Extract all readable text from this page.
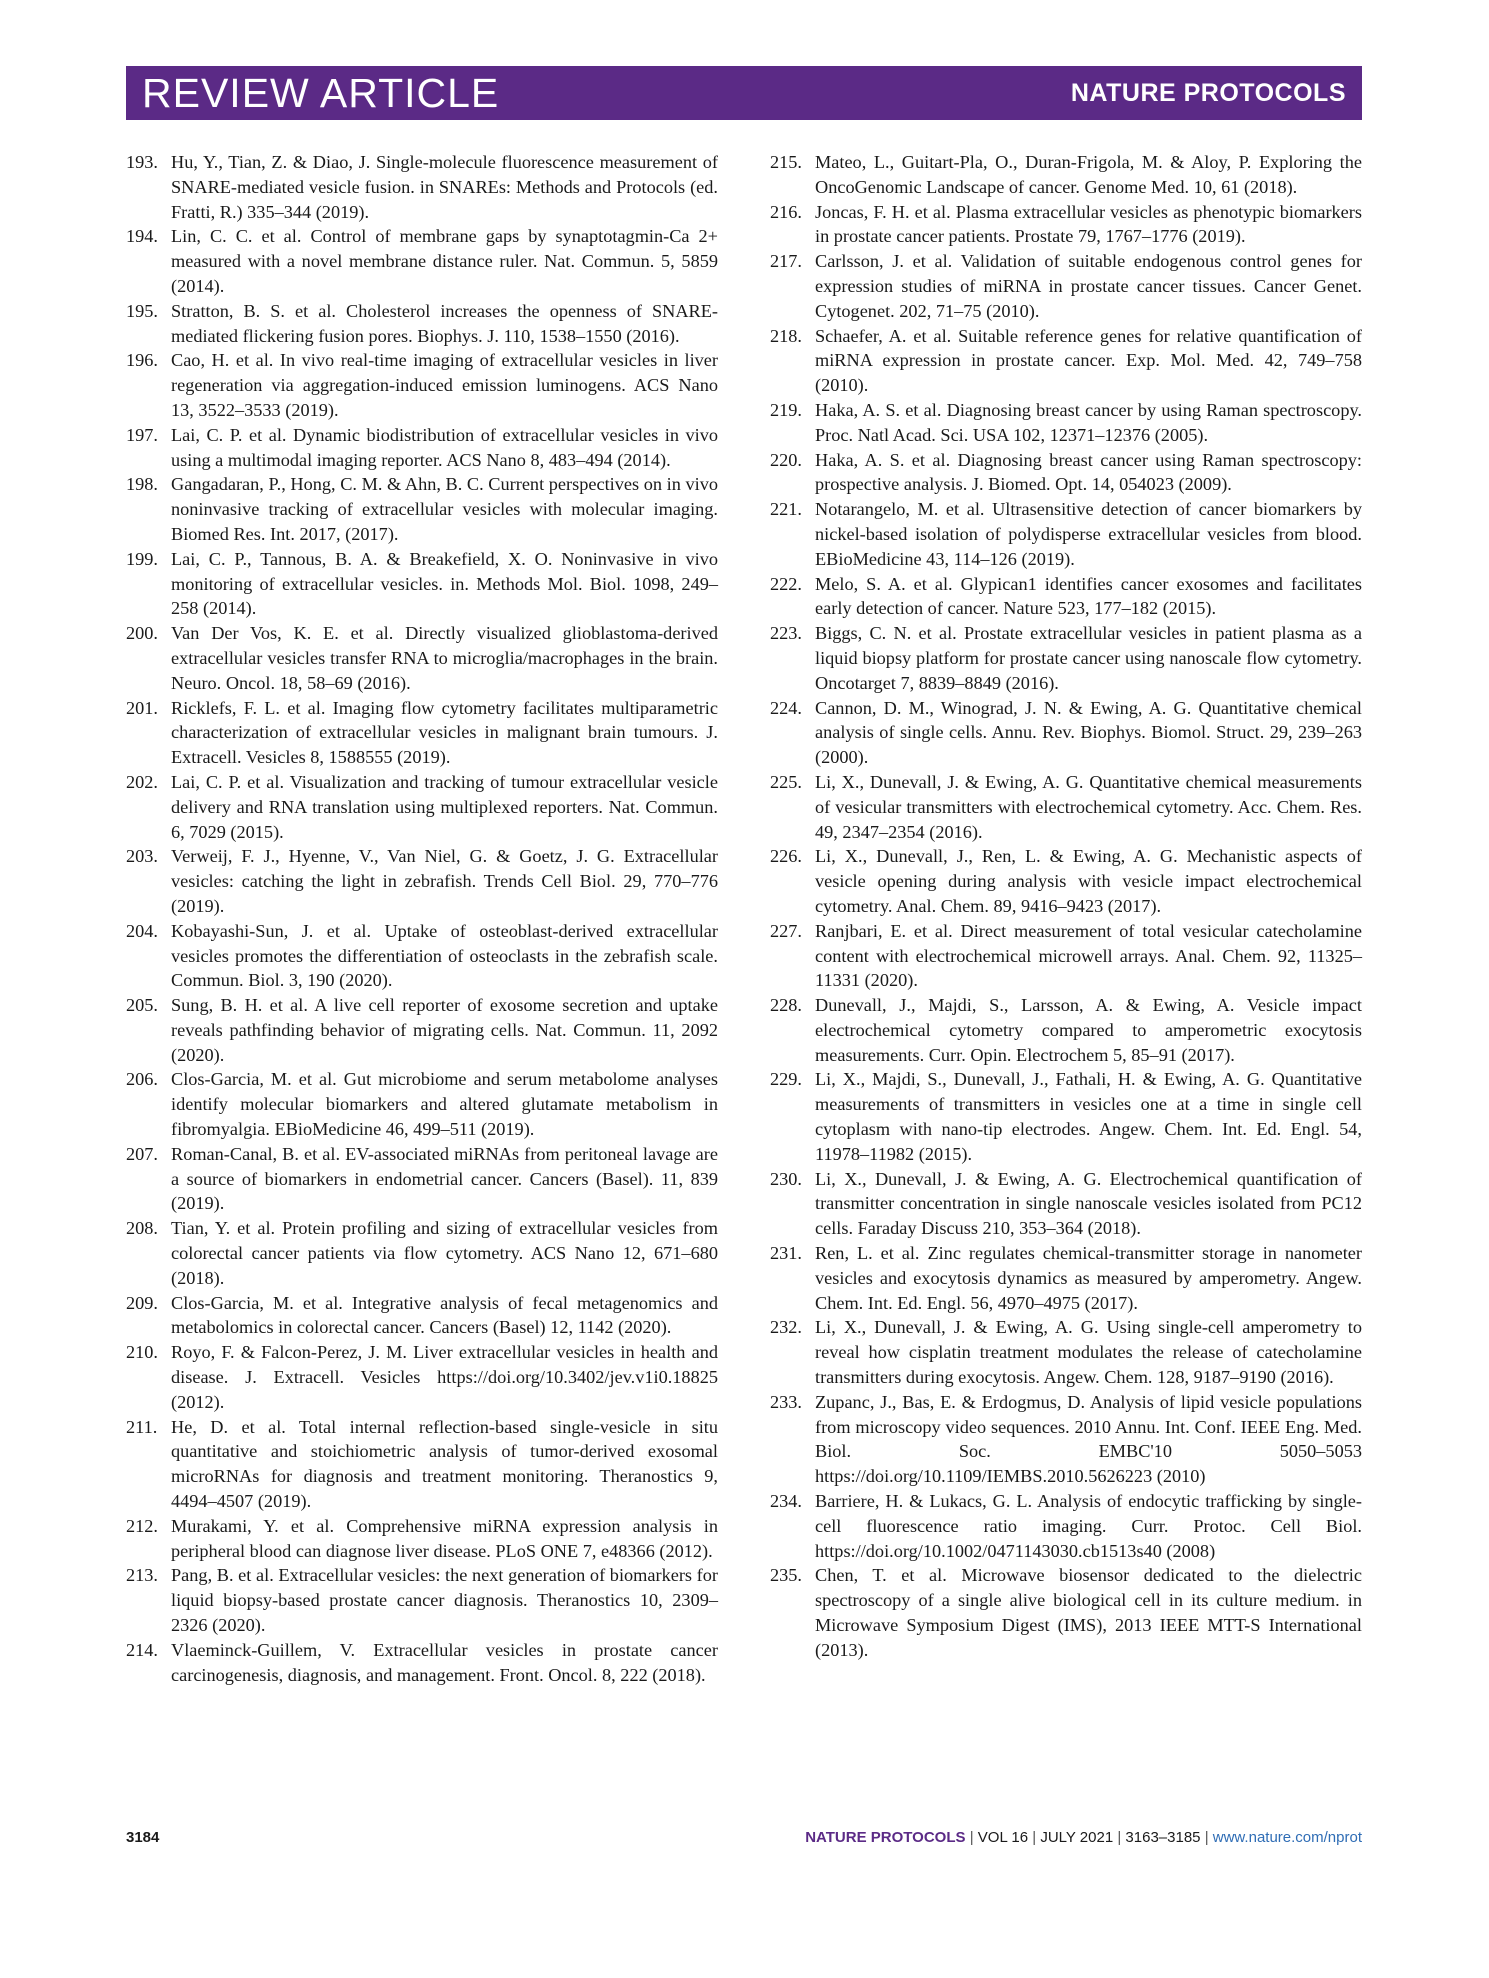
REVIEW ARTICLE	NATURE PROTOCOLS
193. Hu, Y., Tian, Z. & Diao, J. Single-molecule fluorescence measurement of SNARE-mediated vesicle fusion. in SNAREs: Methods and Protocols (ed. Fratti, R.) 335–344 (2019).
194. Lin, C. C. et al. Control of membrane gaps by synaptotagmin-Ca 2+ measured with a novel membrane distance ruler. Nat. Commun. 5, 5859 (2014).
195. Stratton, B. S. et al. Cholesterol increases the openness of SNARE-mediated flickering fusion pores. Biophys. J. 110, 1538–1550 (2016).
196. Cao, H. et al. In vivo real-time imaging of extracellular vesicles in liver regeneration via aggregation-induced emission luminogens. ACS Nano 13, 3522–3533 (2019).
197. Lai, C. P. et al. Dynamic biodistribution of extracellular vesicles in vivo using a multimodal imaging reporter. ACS Nano 8, 483–494 (2014).
198. Gangadaran, P., Hong, C. M. & Ahn, B. C. Current perspectives on in vivo noninvasive tracking of extracellular vesicles with molecular imaging. Biomed Res. Int. 2017, (2017).
199. Lai, C. P., Tannous, B. A. & Breakefield, X. O. Noninvasive in vivo monitoring of extracellular vesicles. in. Methods Mol. Biol. 1098, 249–258 (2014).
200. Van Der Vos, K. E. et al. Directly visualized glioblastoma-derived extracellular vesicles transfer RNA to microglia/macrophages in the brain. Neuro. Oncol. 18, 58–69 (2016).
201. Ricklefs, F. L. et al. Imaging flow cytometry facilitates multiparametric characterization of extracellular vesicles in malignant brain tumours. J. Extracell. Vesicles 8, 1588555 (2019).
202. Lai, C. P. et al. Visualization and tracking of tumour extracellular vesicle delivery and RNA translation using multiplexed reporters. Nat. Commun. 6, 7029 (2015).
203. Verweij, F. J., Hyenne, V., Van Niel, G. & Goetz, J. G. Extracellular vesicles: catching the light in zebrafish. Trends Cell Biol. 29, 770–776 (2019).
204. Kobayashi-Sun, J. et al. Uptake of osteoblast-derived extracellular vesicles promotes the differentiation of osteoclasts in the zebrafish scale. Commun. Biol. 3, 190 (2020).
205. Sung, B. H. et al. A live cell reporter of exosome secretion and uptake reveals pathfinding behavior of migrating cells. Nat. Commun. 11, 2092 (2020).
206. Clos-Garcia, M. et al. Gut microbiome and serum metabolome analyses identify molecular biomarkers and altered glutamate metabolism in fibromyalgia. EBioMedicine 46, 499–511 (2019).
207. Roman-Canal, B. et al. EV-associated miRNAs from peritoneal lavage are a source of biomarkers in endometrial cancer. Cancers (Basel). 11, 839 (2019).
208. Tian, Y. et al. Protein profiling and sizing of extracellular vesicles from colorectal cancer patients via flow cytometry. ACS Nano 12, 671–680 (2018).
209. Clos-Garcia, M. et al. Integrative analysis of fecal metagenomics and metabolomics in colorectal cancer. Cancers (Basel) 12, 1142 (2020).
210. Royo, F. & Falcon-Perez, J. M. Liver extracellular vesicles in health and disease. J. Extracell. Vesicles https://doi.org/10.3402/jev.v1i0.18825 (2012).
211. He, D. et al. Total internal reflection-based single-vesicle in situ quantitative and stoichiometric analysis of tumor-derived exosomal microRNAs for diagnosis and treatment monitoring. Theranostics 9, 4494–4507 (2019).
212. Murakami, Y. et al. Comprehensive miRNA expression analysis in peripheral blood can diagnose liver disease. PLoS ONE 7, e48366 (2012).
213. Pang, B. et al. Extracellular vesicles: the next generation of biomarkers for liquid biopsy-based prostate cancer diagnosis. Theranostics 10, 2309–2326 (2020).
214. Vlaeminck-Guillem, V. Extracellular vesicles in prostate cancer carcinogenesis, diagnosis, and management. Front. Oncol. 8, 222 (2018).
215. Mateo, L., Guitart-Pla, O., Duran-Frigola, M. & Aloy, P. Exploring the OncoGenomic Landscape of cancer. Genome Med. 10, 61 (2018).
216. Joncas, F. H. et al. Plasma extracellular vesicles as phenotypic biomarkers in prostate cancer patients. Prostate 79, 1767–1776 (2019).
217. Carlsson, J. et al. Validation of suitable endogenous control genes for expression studies of miRNA in prostate cancer tissues. Cancer Genet. Cytogenet. 202, 71–75 (2010).
218. Schaefer, A. et al. Suitable reference genes for relative quantification of miRNA expression in prostate cancer. Exp. Mol. Med. 42, 749–758 (2010).
219. Haka, A. S. et al. Diagnosing breast cancer by using Raman spectroscopy. Proc. Natl Acad. Sci. USA 102, 12371–12376 (2005).
220. Haka, A. S. et al. Diagnosing breast cancer using Raman spectroscopy: prospective analysis. J. Biomed. Opt. 14, 054023 (2009).
221. Notarangelo, M. et al. Ultrasensitive detection of cancer biomarkers by nickel-based isolation of polydisperse extracellular vesicles from blood. EBioMedicine 43, 114–126 (2019).
222. Melo, S. A. et al. Glypican1 identifies cancer exosomes and facilitates early detection of cancer. Nature 523, 177–182 (2015).
223. Biggs, C. N. et al. Prostate extracellular vesicles in patient plasma as a liquid biopsy platform for prostate cancer using nanoscale flow cytometry. Oncotarget 7, 8839–8849 (2016).
224. Cannon, D. M., Winograd, J. N. & Ewing, A. G. Quantitative chemical analysis of single cells. Annu. Rev. Biophys. Biomol. Struct. 29, 239–263 (2000).
225. Li, X., Dunevall, J. & Ewing, A. G. Quantitative chemical measurements of vesicular transmitters with electrochemical cytometry. Acc. Chem. Res. 49, 2347–2354 (2016).
226. Li, X., Dunevall, J., Ren, L. & Ewing, A. G. Mechanistic aspects of vesicle opening during analysis with vesicle impact electrochemical cytometry. Anal. Chem. 89, 9416–9423 (2017).
227. Ranjbari, E. et al. Direct measurement of total vesicular catecholamine content with electrochemical microwell arrays. Anal. Chem. 92, 11325–11331 (2020).
228. Dunevall, J., Majdi, S., Larsson, A. & Ewing, A. Vesicle impact electrochemical cytometry compared to amperometric exocytosis measurements. Curr. Opin. Electrochem 5, 85–91 (2017).
229. Li, X., Majdi, S., Dunevall, J., Fathali, H. & Ewing, A. G. Quantitative measurements of transmitters in vesicles one at a time in single cell cytoplasm with nano-tip electrodes. Angew. Chem. Int. Ed. Engl. 54, 11978–11982 (2015).
230. Li, X., Dunevall, J. & Ewing, A. G. Electrochemical quantification of transmitter concentration in single nanoscale vesicles isolated from PC12 cells. Faraday Discuss 210, 353–364 (2018).
231. Ren, L. et al. Zinc regulates chemical-transmitter storage in nanometer vesicles and exocytosis dynamics as measured by amperometry. Angew. Chem. Int. Ed. Engl. 56, 4970–4975 (2017).
232. Li, X., Dunevall, J. & Ewing, A. G. Using single-cell amperometry to reveal how cisplatin treatment modulates the release of catecholamine transmitters during exocytosis. Angew. Chem. 128, 9187–9190 (2016).
233. Zupanc, J., Bas, E. & Erdogmus, D. Analysis of lipid vesicle populations from microscopy video sequences. 2010 Annu. Int. Conf. IEEE Eng. Med. Biol. Soc. EMBC'10 5050–5053 https://doi.org/10.1109/IEMBS.2010.5626223 (2010)
234. Barriere, H. & Lukacs, G. L. Analysis of endocytic trafficking by single-cell fluorescence ratio imaging. Curr. Protoc. Cell Biol. https://doi.org/10.1002/0471143030.cb1513s40 (2008)
235. Chen, T. et al. Microwave biosensor dedicated to the dielectric spectroscopy of a single alive biological cell in its culture medium. in Microwave Symposium Digest (IMS), 2013 IEEE MTT-S International (2013).
3184	NATURE PROTOCOLS | VOL 16 | JULY 2021 | 3163–3185 | www.nature.com/nprot
